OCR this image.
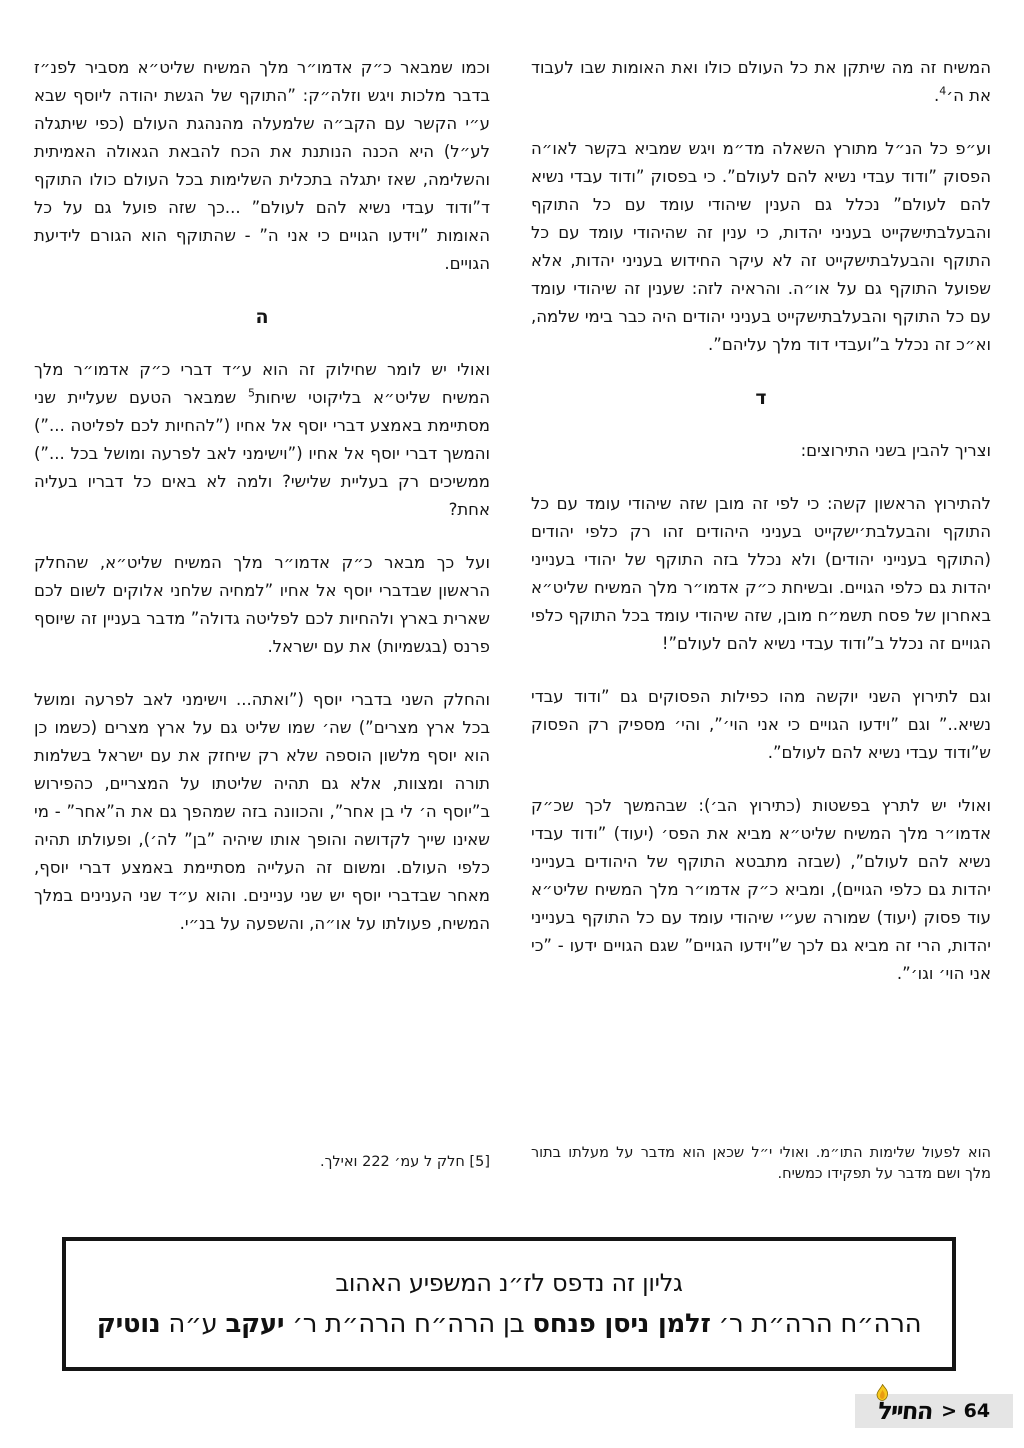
המשיח זה מה שיתקן את כל העולם כולו ואת האומות שבו לעבוד את ה׳$^4$.

וע״פ כל הנ״ל מתורץ השאלה מד״מ ויגש שמביא בקשר לאו״ה הפסוק ”ודוד עבדי נשיא להם לעולם”. כי בפסוק ”ודוד עבדי נשיא להם לעולם” נכלל גם הענין שיהודי עומד עם כל התוקף והבעלבתישקייט בעניני יהדות, כי ענין זה שהיהודי עומד עם כל התוקף והבעלבתישקייט זה לא עיקר החידוש בעניני יהדות, אלא שפועל התוקף גם על או״ה. והראיה לזה: שענין זה שיהודי עומד עם כל התוקף והבעלבתישקייט בעניני יהודים היה כבר בימי שלמה, וא״כ זה נכלל ב”ועבדי דוד מלך עליהם”.

ד

וצריך להבין בשני התירוצים:

להתירוץ הראשון קשה: כי לפי זה מובן שזה שיהודי עומד עם כל התוקף והבעלבת׳ישקייט בעניני היהודים זהו רק כלפי יהודים (התוקף בענייני יהודים) ולא נכלל בזה התוקף של יהודי בענייני יהדות גם כלפי הגויים. ובשיחת כ״ק אדמו״ר מלך המשיח שליט״א באחרון של פסח תשמ״ח מובן, שזה שיהודי עומד בכל התוקף כלפי הגויים זה נכלל ב”ודוד עבדי נשיא להם לעולם”!

וגם לתירוץ השני יוקשה מהו כפילות הפסוקים גם ”ודוד עבדי נשיא..” וגם ”וידעו הגויים כי אני הוי׳”, והי׳ מספיק רק הפסוק ש”ודוד עבדי נשיא להם לעולם”.

ואולי יש לתרץ בפשטות (כתירוץ הב׳): שבהמשך לכך שכ״ק אדמו״ר מלך המשיח שליט״א מביא את הפס׳ (יעוד) ”ודוד עבדי נשיא להם לעולם”, (שבזה מתבטא התוקף של היהודים בענייני יהדות גם כלפי הגויים), ומביא כ״ק אדמו״ר מלך המשיח שליט״א עוד פסוק (יעוד) שמורה שע״י שיהודי עומד עם כל התוקף בענייני יהדות, הרי זה מביא גם לכך ש”וידעו הגויים” שגם הגויים ידעו - ”כי אני הוי׳ וגו׳”.

וכמו שמבאר כ״ק אדמו״ר מלך המשיח שליט״א מסביר לפנ״ז בדבר מלכות ויגש וזלה״ק: ”התוקף של הגשת יהודה ליוסף שבא ע״י הקשר עם הקב״ה שלמעלה מהנהגת העולם (כפי שיתגלה לע״ל) היא הכנה הנותנת את הכח להבאת הגאולה האמיתית והשלימה, שאז יתגלה בתכלית השלימות בכל העולם כולו התוקף ד”ודוד עבדי נשיא להם לעולם” ...כך שזה פועל גם על כל האומות ”וידעו הגויים כי אני ה” - שהתוקף הוא הגורם לידיעת הגויים.

ה

ואולי יש לומר שחילוק זה הוא ע״ד דברי כ״ק אדמו״ר מלך המשיח שליט״א בליקוטי שיחות$^5$ שמבאר הטעם שעליית שני מסתיימת באמצע דברי יוסף אל אחיו (”להחיות לכם לפליטה ...”) והמשך דברי יוסף אל אחיו (”וישימני לאב לפרעה ומושל בכל ...”) ממשיכים רק בעליית שלישי? ולמה לא באים כל דבריו בעליה אחת?

ועל כך מבאר כ״ק אדמו״ר מלך המשיח שליט״א, שהחלק הראשון שבדברי יוסף אל אחיו ”למחיה שלחני אלוקים לשום לכם שארית בארץ ולהחיות לכם לפליטה גדולה” מדבר בעניין זה שיוסף פרנס (בגשמיות) את עם ישראל.

והחלק השני בדברי יוסף (”ואתה... וישימני לאב לפרעה ומושל בכל ארץ מצרים”) שה׳ שמו שליט גם על ארץ מצרים (כשמו כן הוא יוסף מלשון הוספה שלא רק שיחזק את עם ישראל בשלמות תורה ומצוות, אלא גם תהיה שליטתו על המצריים, כהפירוש ב”יוסף ה׳ לי בן אחר”, והכוונה בזה שמהפך גם את ה”אחר” - מי שאינו שייך לקדושה והופך אותו שיהיה ”בן” לה׳), ופעולתו תהיה כלפי העולם. ומשום זה העלייה מסתיימת באמצע דברי יוסף, מאחר שבדברי יוסף יש שני עניינים. והוא ע״ד שני הענינים במלך המשיח, פעולתו על או״ה, והשפעה על בנ״י.

הוא לפעול שלימות התו״מ. ואולי י״ל שכאן הוא מדבר על מעלתו בתור מלך ושם מדבר על תפקידו כמשיח.
[5] חלק ל עמ׳ 222 ואילך.
גליון זה נדפס לז״נ המשפיע האהוב
הרה״ח הרה״ת ר׳ זלמן ניסן פנחס בן הרה״ח הרה״ת ר׳ יעקב ע״ה נוטיק
החייל > 64
